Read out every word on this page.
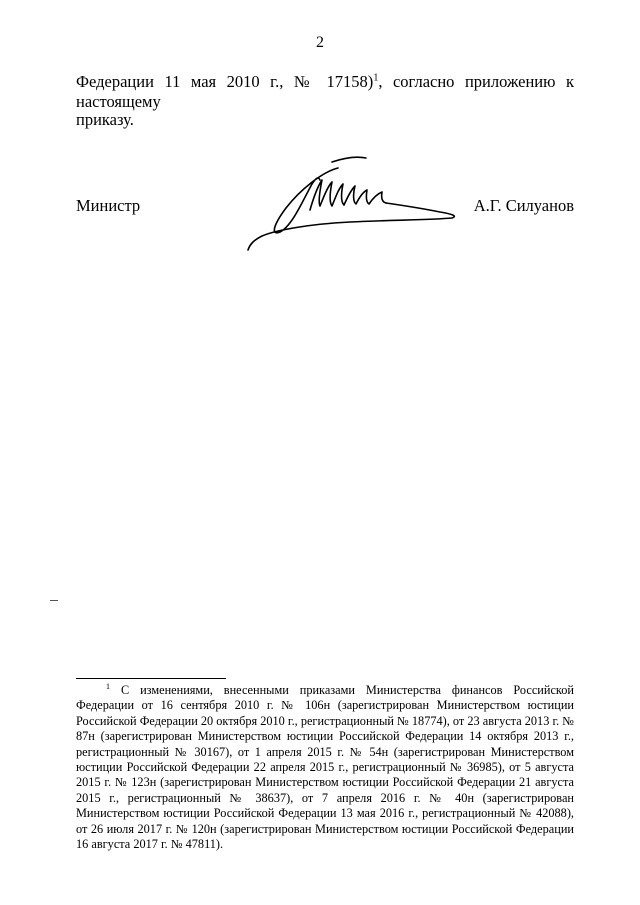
2
Федерации 11 мая 2010 г., № 17158)$^1$, согласно приложению к настоящему
приказу.
Министр	А.Г. Силуанов
$^1$ С изменениями, внесенными приказами Министерства финансов Российской Федерации от 16 сентября 2010 г. № 106н (зарегистрирован Министерством юстиции Российской Федерации 20 октября 2010 г., регистрационный № 18774), от 23 августа 2013 г. № 87н (зарегистрирован Министерством юстиции Российской Федерации 14 октября 2013 г., регистрационный № 30167), от 1 апреля 2015 г. № 54н (зарегистрирован Министерством юстиции Российской Федерации 22 апреля 2015 г., регистрационный № 36985), от 5 августа 2015 г. № 123н (зарегистрирован Министерством юстиции Российской Федерации 21 августа 2015 г., регистрационный № 38637), от 7 апреля 2016 г. № 40н (зарегистрирован Министерством юстиции Российской Федерации 13 мая 2016 г., регистрационный № 42088), от 26 июля 2017 г. № 120н (зарегистрирован Министерством юстиции Российской Федерации 16 августа 2017 г. № 47811).
